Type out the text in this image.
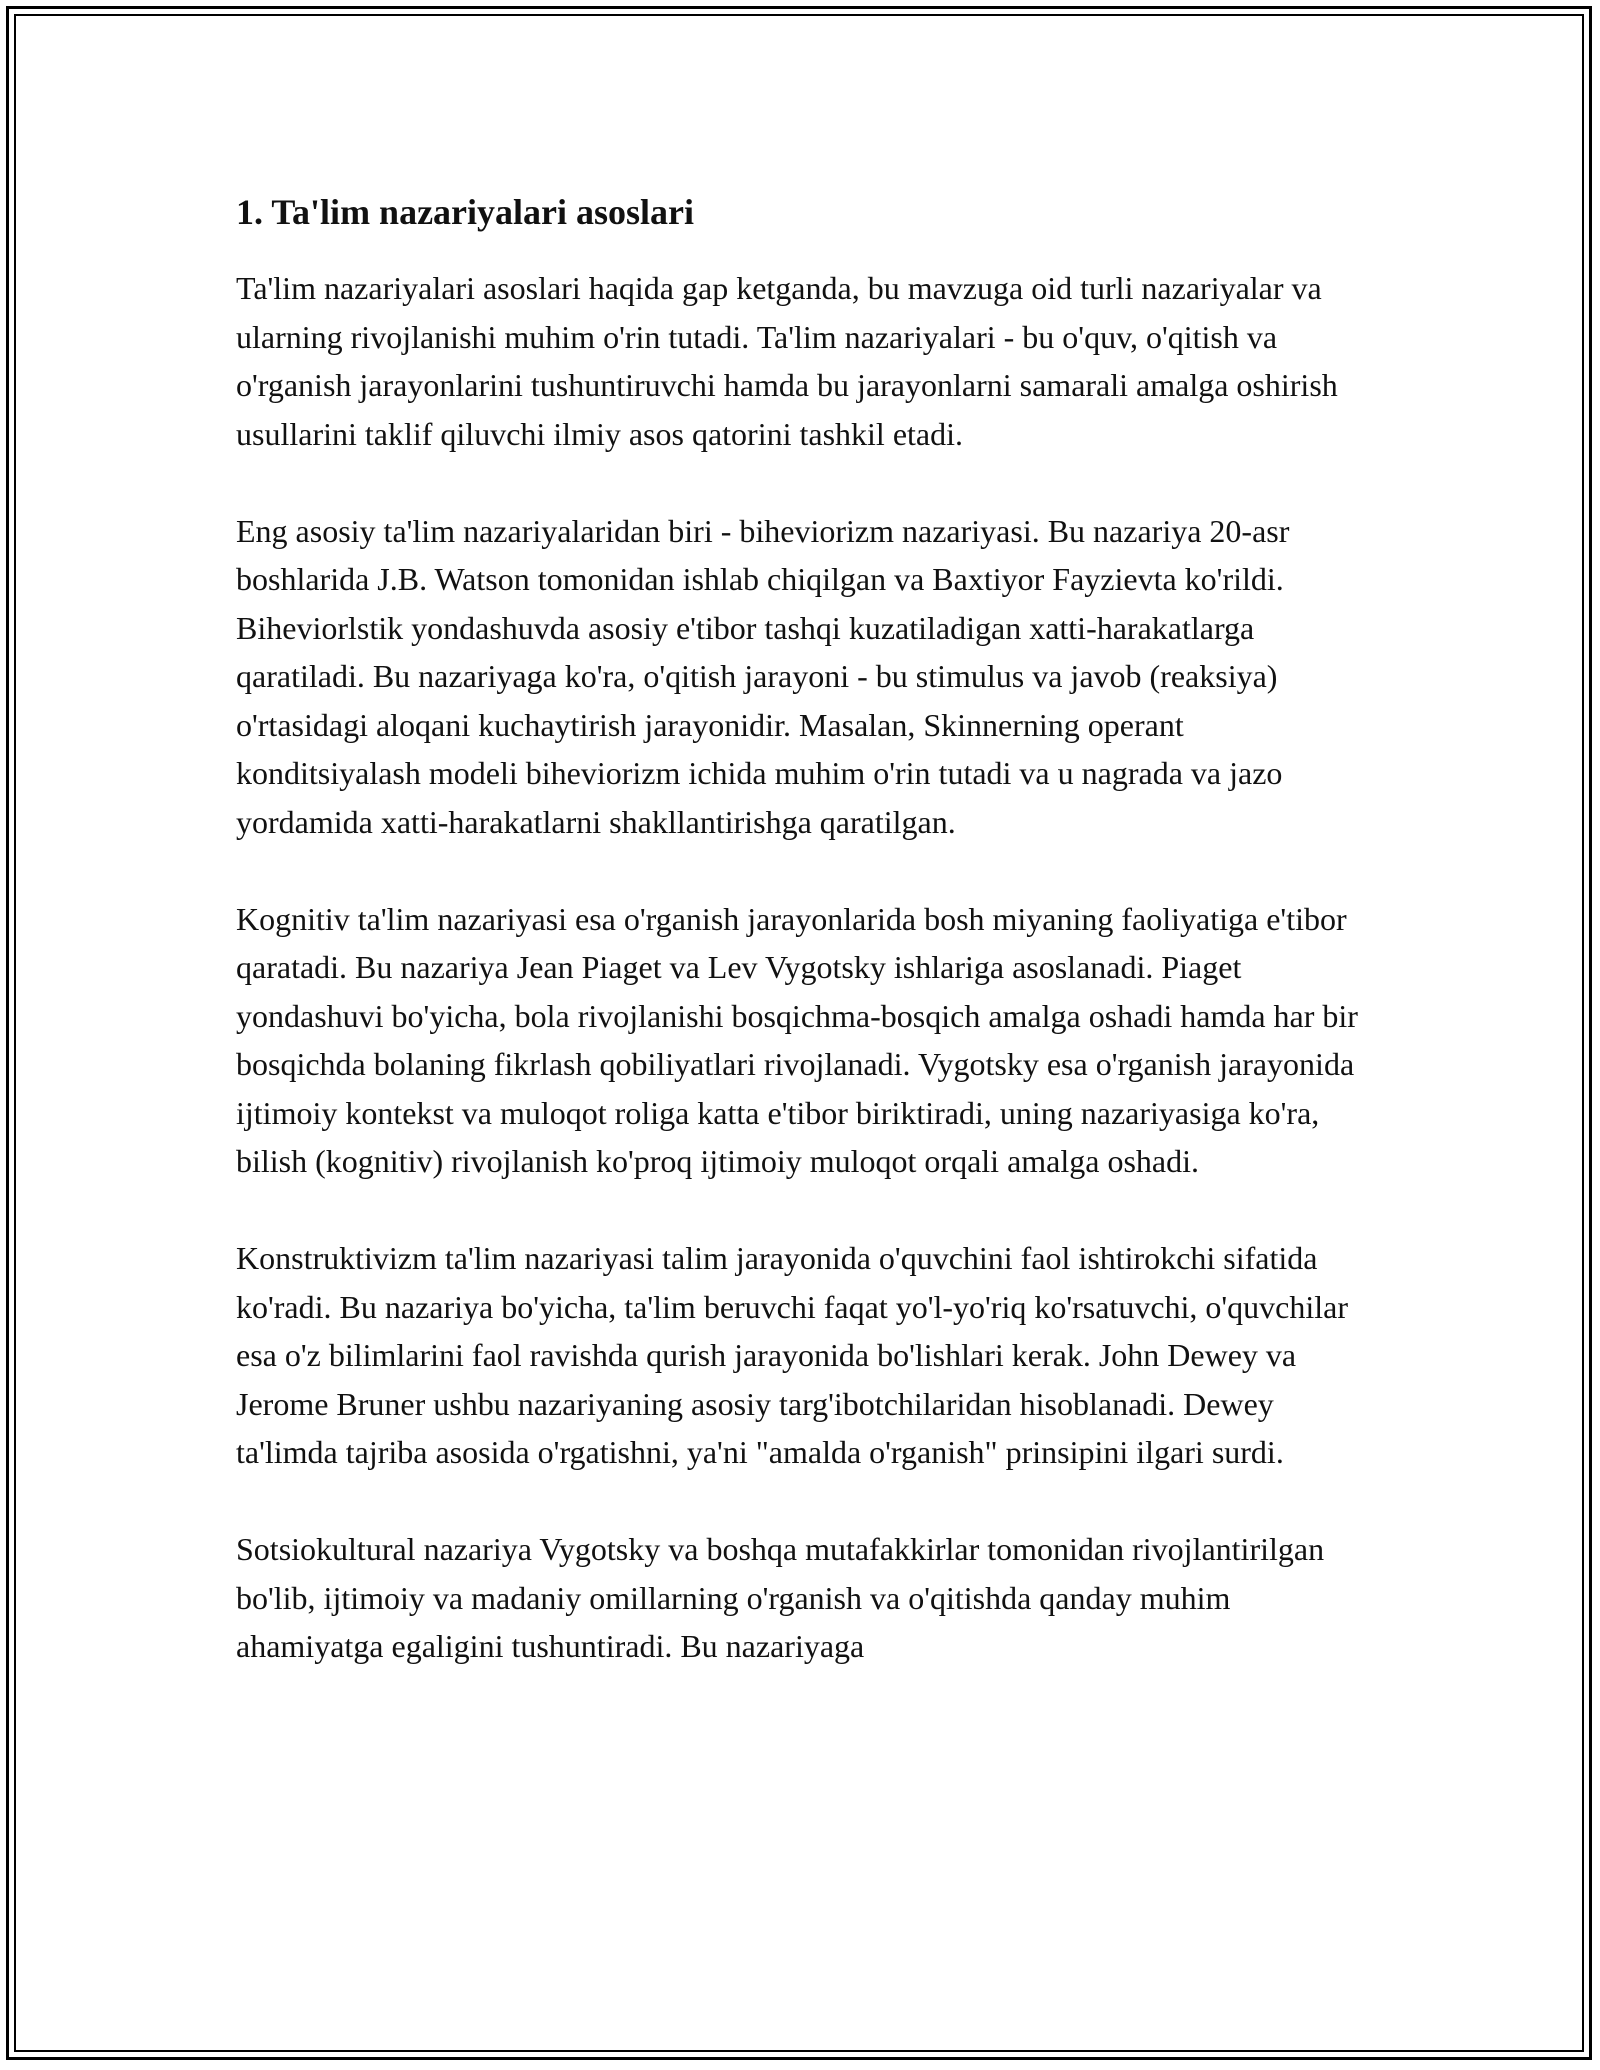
1. Ta'lim nazariyalari asoslari

Ta'lim nazariyalari asoslari haqida gap ketganda, bu mavzuga oid turli nazariyalar va ularning rivojlanishi muhim o'rin tutadi. Ta'lim nazariyalari - bu o'quv, o'qitish va o'rganish jarayonlarini tushuntiruvchi hamda bu jarayonlarni samarali amalga oshirish usullarini taklif qiluvchi ilmiy asos qatorini tashkil etadi.

Eng asosiy ta'lim nazariyalaridan biri - biheviorizm nazariyasi. Bu nazariya 20-asr boshlarida J.B. Watson tomonidan ishlab chiqilgan va Baxtiyor Fayzievta ko'rildi. Biheviorlstik yondashuvda asosiy e'tibor tashqi kuzatiladigan xatti-harakatlarga qaratiladi. Bu nazariyaga ko'ra, o'qitish jarayoni - bu stimulus va javob (reaksiya) o'rtasidagi aloqani kuchaytirish jarayonidir. Masalan, Skinnerning operant konditsiyalash modeli biheviorizm ichida muhim o'rin tutadi va u nagrada va jazo yordamida xatti-harakatlarni shakllantirishga qaratilgan.

Kognitiv ta'lim nazariyasi esa o'rganish jarayonlarida bosh miyaning faoliyatiga e'tibor qaratadi. Bu nazariya Jean Piaget va Lev Vygotsky ishlariga asoslanadi. Piaget yondashuvi bo'yicha, bola rivojlanishi bosqichma-bosqich amalga oshadi hamda har bir bosqichda bolaning fikrlash qobiliyatlari rivojlanadi. Vygotsky esa o'rganish jarayonida ijtimoiy kontekst va muloqot roliga katta e'tibor biriktiradi, uning nazariyasiga ko'ra, bilish (kognitiv) rivojlanish ko'proq ijtimoiy muloqot orqali amalga oshadi.

Konstruktivizm ta'lim nazariyasi talim jarayonida o'quvchini faol ishtirokchi sifatida ko'radi. Bu nazariya bo'yicha, ta'lim beruvchi faqat yo'l-yo'riq ko'rsatuvchi, o'quvchilar esa o'z bilimlarini faol ravishda qurish jarayonida bo'lishlari kerak. John Dewey va Jerome Bruner ushbu nazariyaning asosiy targ'ibotchilaridan hisoblanadi. Dewey ta'limda tajriba asosida o'rgatishni, ya'ni "amalda o'rganish" prinsipini ilgari surdi.

Sotsiokultural nazariya Vygotsky va boshqa mutafakkirlar tomonidan rivojlantirilgan bo'lib, ijtimoiy va madaniy omillarning o'rganish va o'qitishda qanday muhim ahamiyatga egaligini tushuntiradi. Bu nazariyaga
